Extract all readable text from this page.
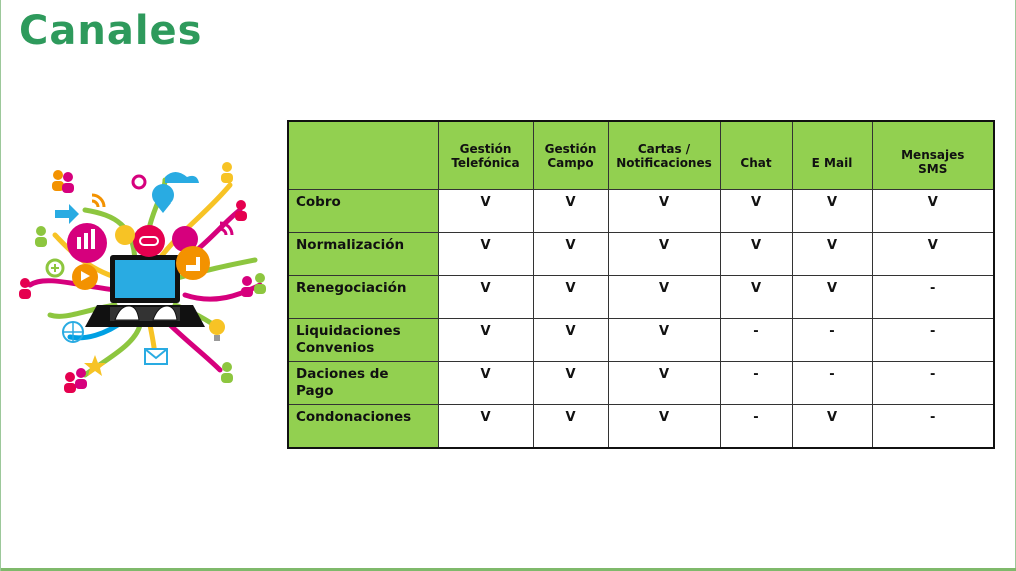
Canales

	Gestión
Telefónica	Gestión
Campo	Cartas /
Notificaciones	Chat	E Mail	Mensajes
SMS

Cobro	V	V	V	V	V	V
Normalización	V	V	V	V	V	V
Renegociación	V	V	V	V	V	-

Liquidaciones
Convenios	V	V	V	-	-	-

Daciones de
Pago	V	V	V	-	-	-
Condonaciones	V	V	V	-	V	-
